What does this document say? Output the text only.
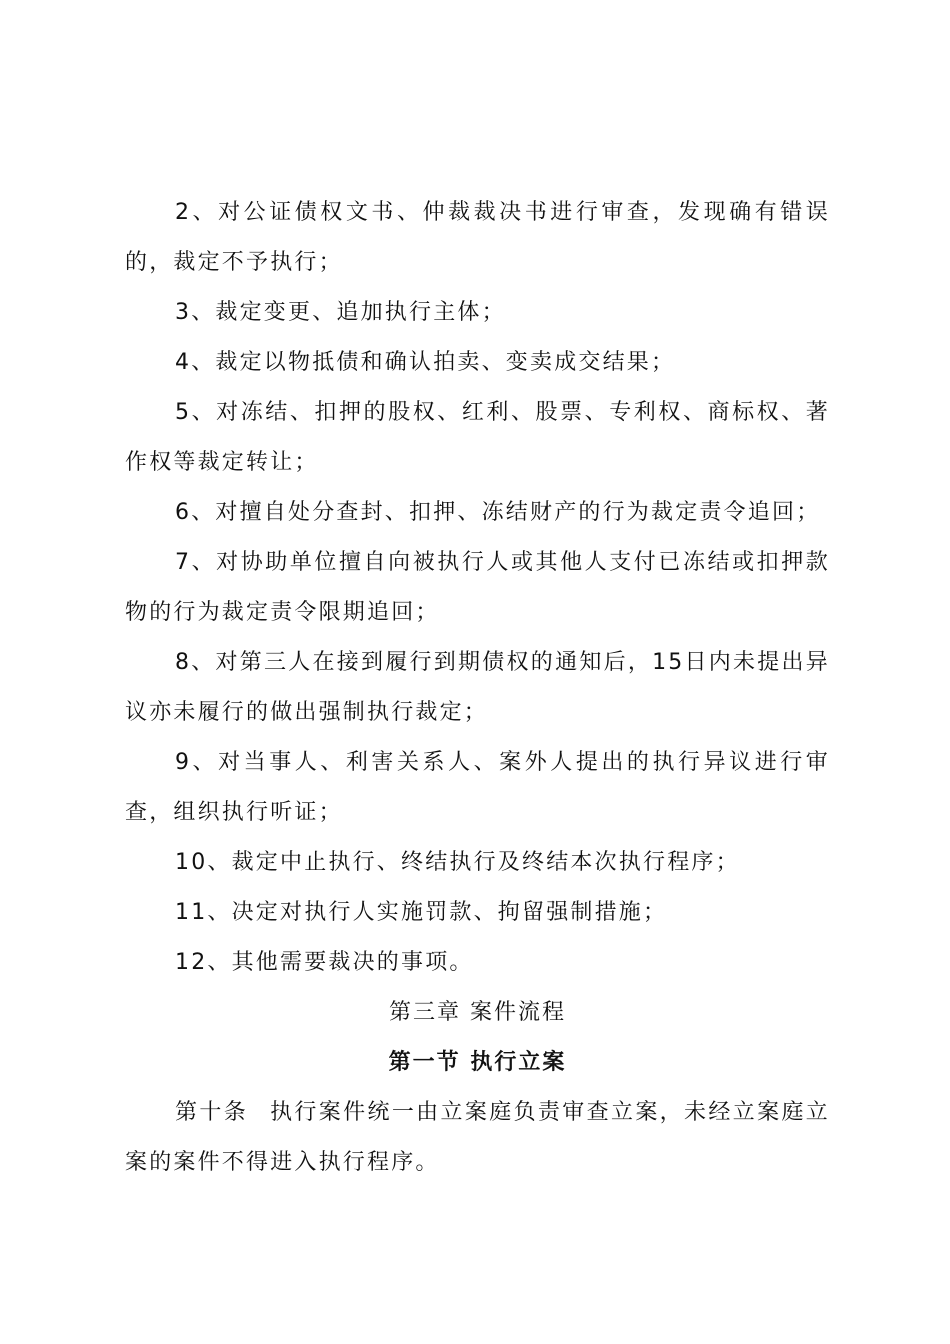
2、对公证债权文书、仲裁裁决书进行审查，发现确有错误的，裁定不予执行；

3、裁定变更、追加执行主体；

4、裁定以物抵债和确认拍卖、变卖成交结果；

5、对冻结、扣押的股权、红利、股票、专利权、商标权、著作权等裁定转让；

6、对擅自处分查封、扣押、冻结财产的行为裁定责令追回；

7、对协助单位擅自向被执行人或其他人支付已冻结或扣押款物的行为裁定责令限期追回；

8、对第三人在接到履行到期债权的通知后，15日内未提出异议亦未履行的做出强制执行裁定；

9、对当事人、利害关系人、案外人提出的执行异议进行审查，组织执行听证；

10、裁定中止执行、终结执行及终结本次执行程序；

11、决定对执行人实施罚款、拘留强制措施；

12、其他需要裁决的事项。

第三章 案件流程

第一节 执行立案

第十条 执行案件统一由立案庭负责审查立案，未经立案庭立案的案件不得进入执行程序。
